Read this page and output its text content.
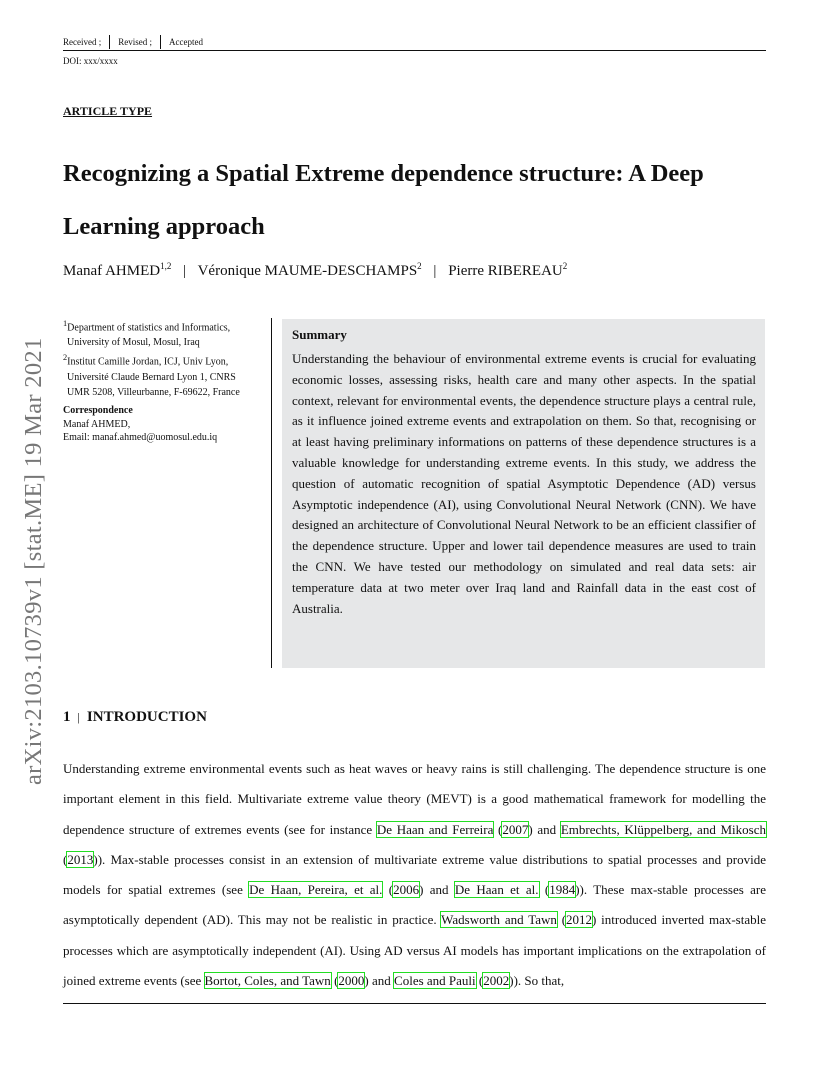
Received ;	Revised ;	Accepted
DOI: xxx/xxxx
ARTICLE TYPE
Recognizing a Spatial Extreme dependence structure: A Deep Learning approach
Manaf AHMED$^{1,2}$ | Véronique MAUME-DESCHAMPS$^2$ | Pierre RIBEREAU$^2$
$^1$Department of statistics and Informatics,
University of Mosul, Mosul, Iraq
$^2$Institut Camille Jordan, ICJ, Univ Lyon,
Université Claude Bernard Lyon 1, CNRS
UMR 5208, Villeurbanne, F-69622, France
Correspondence
Manaf AHMED,
Email: manaf.ahmed@uomosul.edu.iq
Summary
Understanding the behaviour of environmental extreme events is crucial for evaluating economic losses, assessing risks, health care and many other aspects. In the spatial context, relevant for environmental events, the dependence structure plays a central rule, as it influence joined extreme events and extrapolation on them. So that, recognising or at least having preliminary informations on patterns of these dependence structures is a valuable knowledge for understanding extreme events. In this study, we address the question of automatic recognition of spatial Asymptotic Dependence (AD) versus Asymptotic independence (AI), using Convolutional Neural Network (CNN). We have designed an architecture of Convolutional Neural Network to be an efficient classifier of the dependence structure. Upper and lower tail dependence measures are used to train the CNN. We have tested our methodology on simulated and real data sets: air temperature data at two meter over Iraq land and Rainfall data in the east cost of Australia.
arXiv:2103.10739v1 [stat.ME] 19 Mar 2021 1 | INTRODUCTION
Understanding extreme environmental events such as heat waves or heavy rains is still challenging. The dependence structure is one important element in this field. Multivariate extreme value theory (MEVT) is a good mathematical framework for modelling the dependence structure of extremes events (see for instance De Haan and Ferreira (2007) and Embrechts, Klüppelberg, and Mikosch (2013)). Max-stable processes consist in an extension of multivariate extreme value distributions to spatial processes and provide models for spatial extremes (see De Haan, Pereira, et al. (2006) and De Haan et al. (1984)). These max-stable processes are asymptotically dependent (AD). This may not be realistic in practice. Wadsworth and Tawn (2012) introduced inverted max-stable processes which are asymptotically independent (AI). Using AD versus AI models has important implications on the extrapolation of joined extreme events (see Bortot, Coles, and Tawn (2000) and Coles and Pauli (2002)). So that,
